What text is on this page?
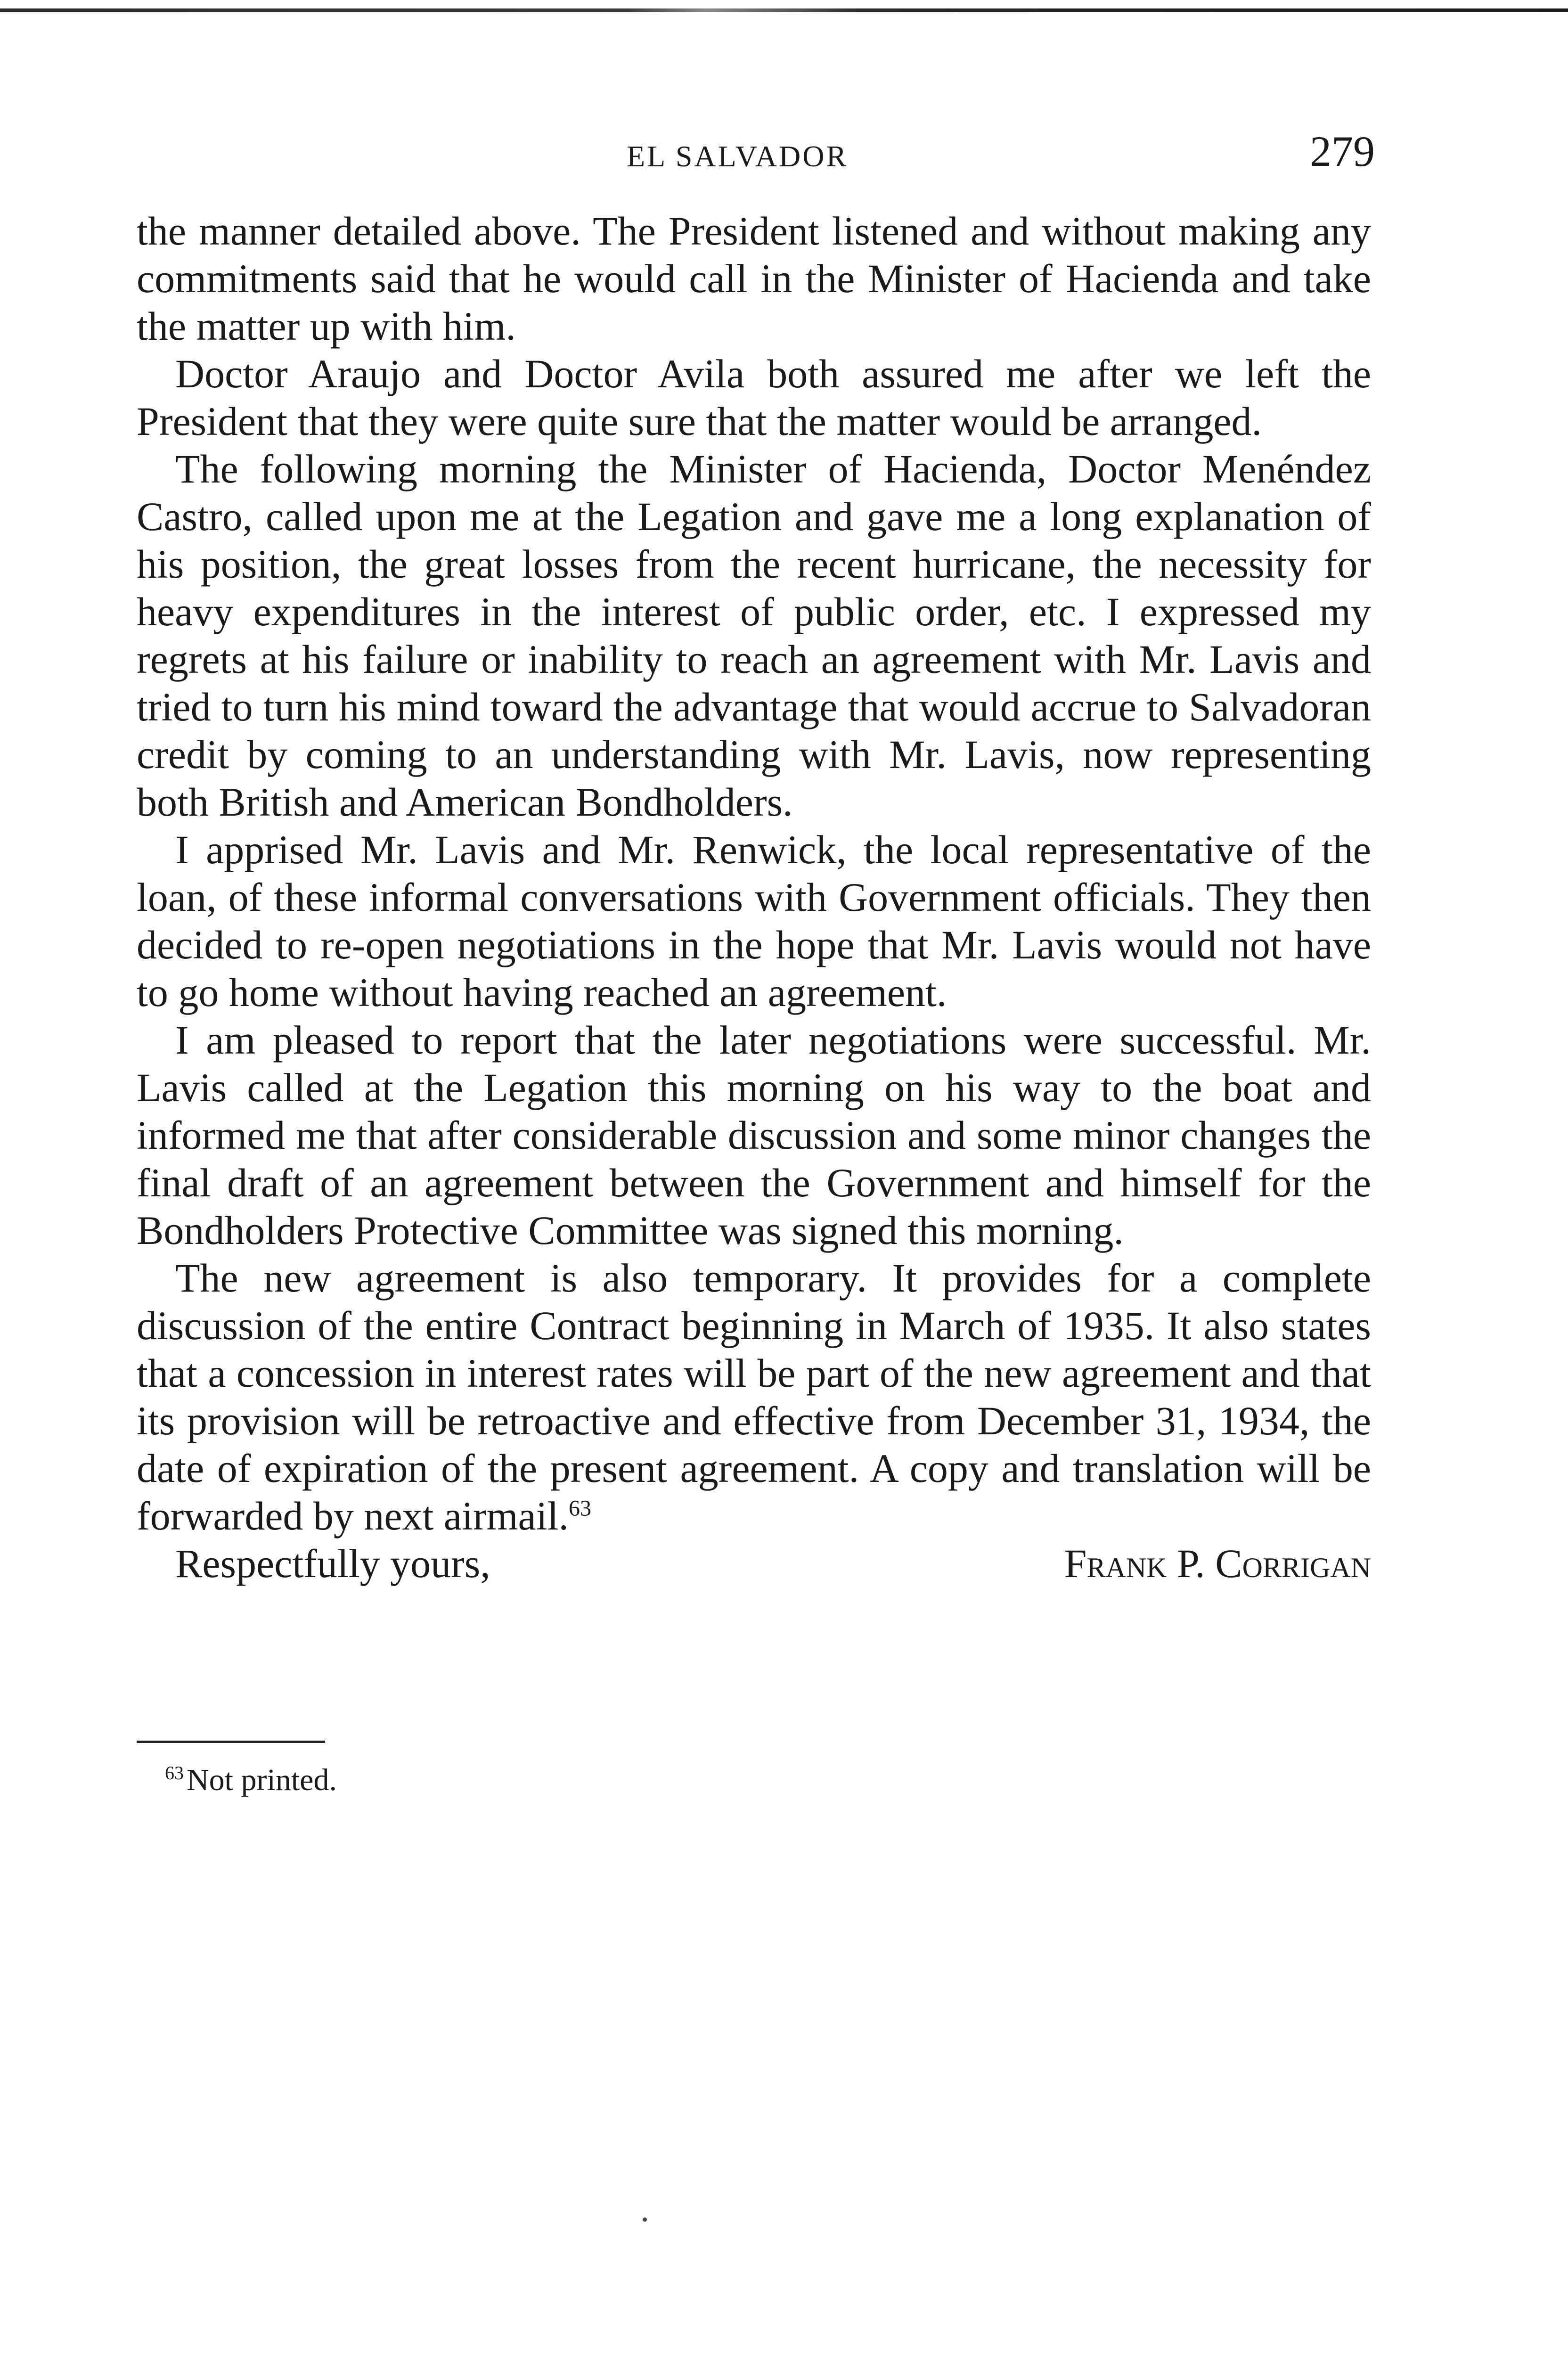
EL SALVADOR	279

the manner detailed above. The President listened and without making any commitments said that he would call in the Minister of Hacienda and take the matter up with him.

Doctor Araujo and Doctor Avila both assured me after we left the President that they were quite sure that the matter would be arranged.

The following morning the Minister of Hacienda, Doctor Menéndez Castro, called upon me at the Legation and gave me a long explanation of his position, the great losses from the recent hurricane, the necessity for heavy expenditures in the interest of public order, etc. I expressed my regrets at his failure or inability to reach an agreement with Mr. Lavis and tried to turn his mind toward the advantage that would accrue to Salvadoran credit by coming to an understanding with Mr. Lavis, now representing both British and American Bondholders.

I apprised Mr. Lavis and Mr. Renwick, the local representative of the loan, of these informal conversations with Government officials. They then decided to re-open negotiations in the hope that Mr. Lavis would not have to go home without having reached an agreement.

I am pleased to report that the later negotiations were successful. Mr. Lavis called at the Legation this morning on his way to the boat and informed me that after considerable discussion and some minor changes the final draft of an agreement between the Government and himself for the Bondholders Protective Committee was signed this morning.

The new agreement is also temporary. It provides for a complete discussion of the entire Contract beginning in March of 1935. It also states that a concession in interest rates will be part of the new agreement and that its provision will be retroactive and effective from December 31, 1934, the date of expiration of the present agreement. A copy and translation will be forwarded by next airmail.$^{63}$

Respectfully yours,	Frank P. Corrigan
$^{63}$Not printed.
